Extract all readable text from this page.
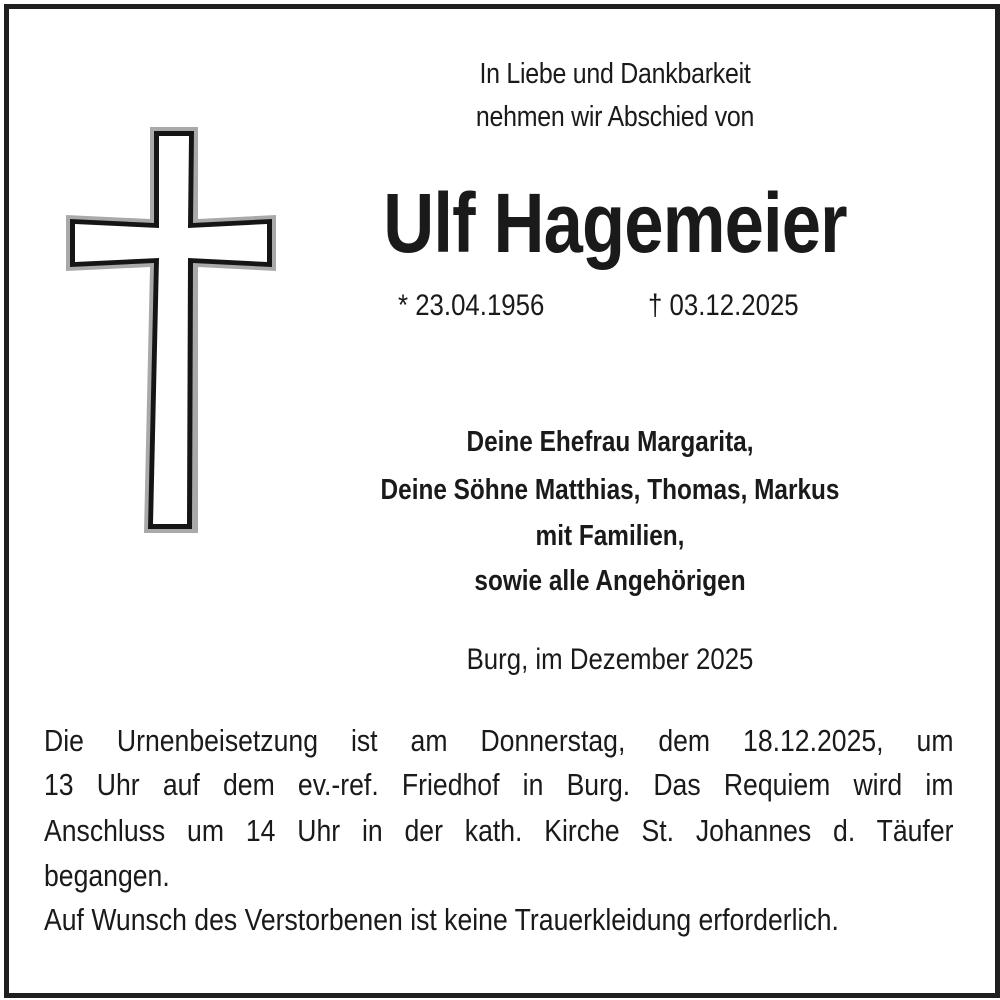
In Liebe und Dankbarkeit
nehmen wir Abschied von
Ulf Hagemeier
* 23.04.1956	† 03.12.2025
Deine Ehefrau Margarita,
Deine Söhne Matthias, Thomas, Markus
mit Familien,
sowie alle Angehörigen
Burg, im Dezember 2025
Die Urnenbeisetzung ist am Donnerstag, dem 18.12.2025, um
13 Uhr auf dem ev.-ref. Friedhof in Burg. Das Requiem wird im
Anschluss um 14 Uhr in der kath. Kirche St. Johannes d. Täufer
begangen.
Auf Wunsch des Verstorbenen ist keine Trauerkleidung erforderlich.
